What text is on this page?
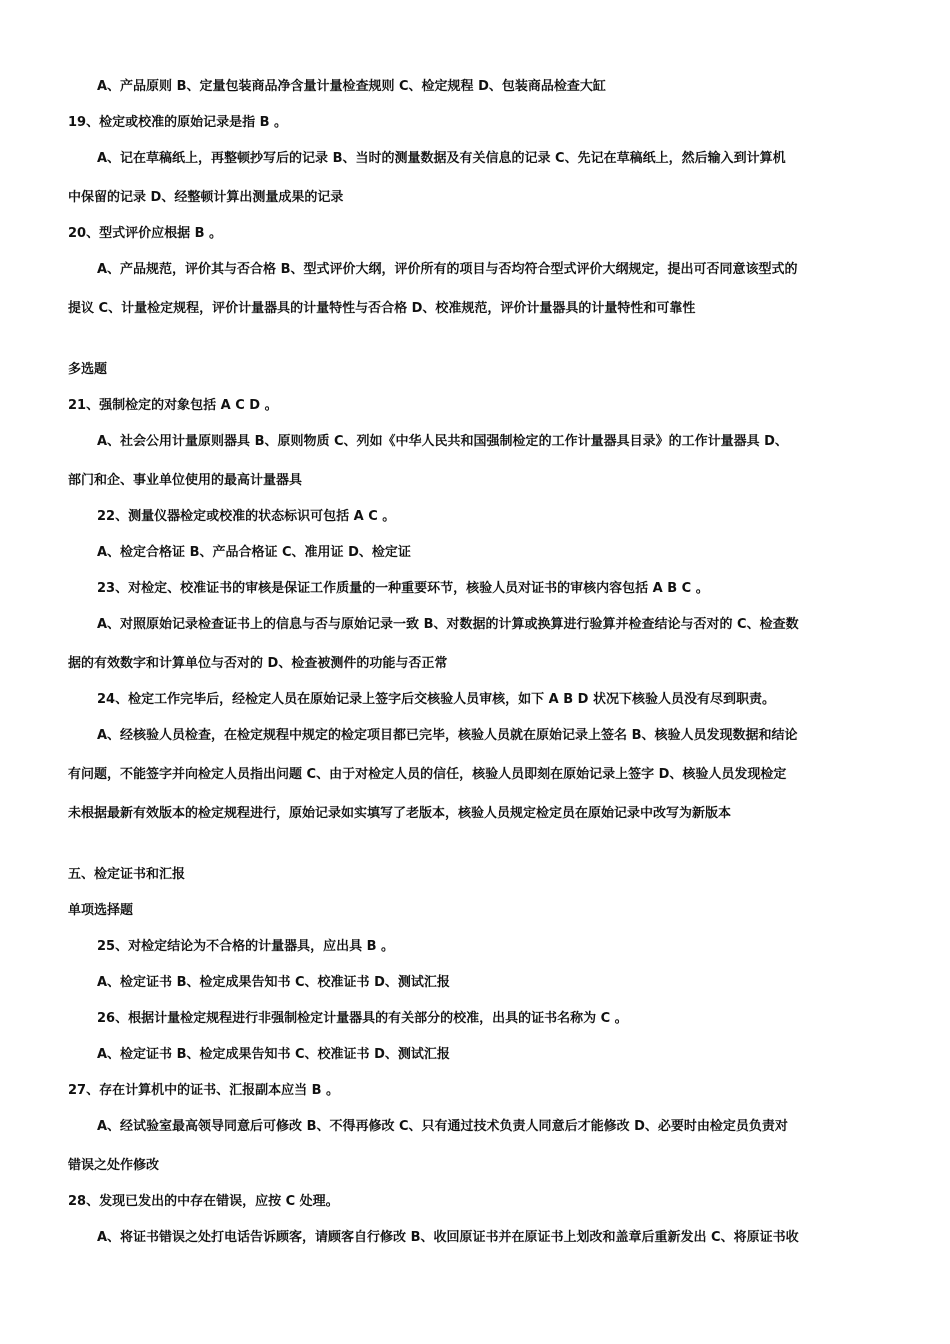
A、产品原则 B、定量包装商品净含量计量检查规则 C、检定规程 D、包装商品检查大缸
19、检定或校准的原始记录是指 B 。
A、记在草稿纸上，再整顿抄写后的记录 B、当时的测量数据及有关信息的记录 C、先记在草稿纸上，然后输入到计算机
中保留的记录 D、经整顿计算出测量成果的记录
20、型式评价应根据 B 。
A、产品规范，评价其与否合格 B、型式评价大纲，评价所有的项目与否均符合型式评价大纲规定，提出可否同意该型式的
提议 C、计量检定规程，评价计量器具的计量特性与否合格 D、校准规范，评价计量器具的计量特性和可靠性
多选题
21、强制检定的对象包括 A C D 。
A、社会公用计量原则器具 B、原则物质 C、列如《中华人民共和国强制检定的工作计量器具目录》的工作计量器具 D、
部门和企、事业单位使用的最高计量器具
22、测量仪器检定或校准的状态标识可包括 A C 。
A、检定合格证 B、产品合格证 C、准用证 D、检定证
23、对检定、校准证书的审核是保证工作质量的一种重要环节，核验人员对证书的审核内容包括 A B C 。
A、对照原始记录检查证书上的信息与否与原始记录一致 B、对数据的计算或换算进行验算并检查结论与否对的 C、检查数
据的有效数字和计算单位与否对的 D、检查被测件的功能与否正常
24、检定工作完毕后，经检定人员在原始记录上签字后交核验人员审核，如下 A B D 状况下核验人员没有尽到职责。
A、经核验人员检查，在检定规程中规定的检定项目都已完毕，核验人员就在原始记录上签名 B、核验人员发现数据和结论
有问题，不能签字并向检定人员指出问题 C、由于对检定人员的信任，核验人员即刻在原始记录上签字 D、核验人员发现检定
未根据最新有效版本的检定规程进行，原始记录如实填写了老版本，核验人员规定检定员在原始记录中改写为新版本
五、检定证书和汇报
单项选择题
25、对检定结论为不合格的计量器具，应出具 B 。
A、检定证书 B、检定成果告知书 C、校准证书 D、测试汇报
26、根据计量检定规程进行非强制检定计量器具的有关部分的校准，出具的证书名称为 C 。
A、检定证书 B、检定成果告知书 C、校准证书 D、测试汇报
27、存在计算机中的证书、汇报副本应当 B 。
A、经试验室最高领导同意后可修改 B、不得再修改 C、只有通过技术负责人同意后才能修改 D、必要时由检定员负责对
错误之处作修改
28、发现已发出的中存在错误，应按 C 处理。
A、将证书错误之处打电话告诉顾客，请顾客自行修改 B、收回原证书并在原证书上划改和盖章后重新发出 C、将原证书收
